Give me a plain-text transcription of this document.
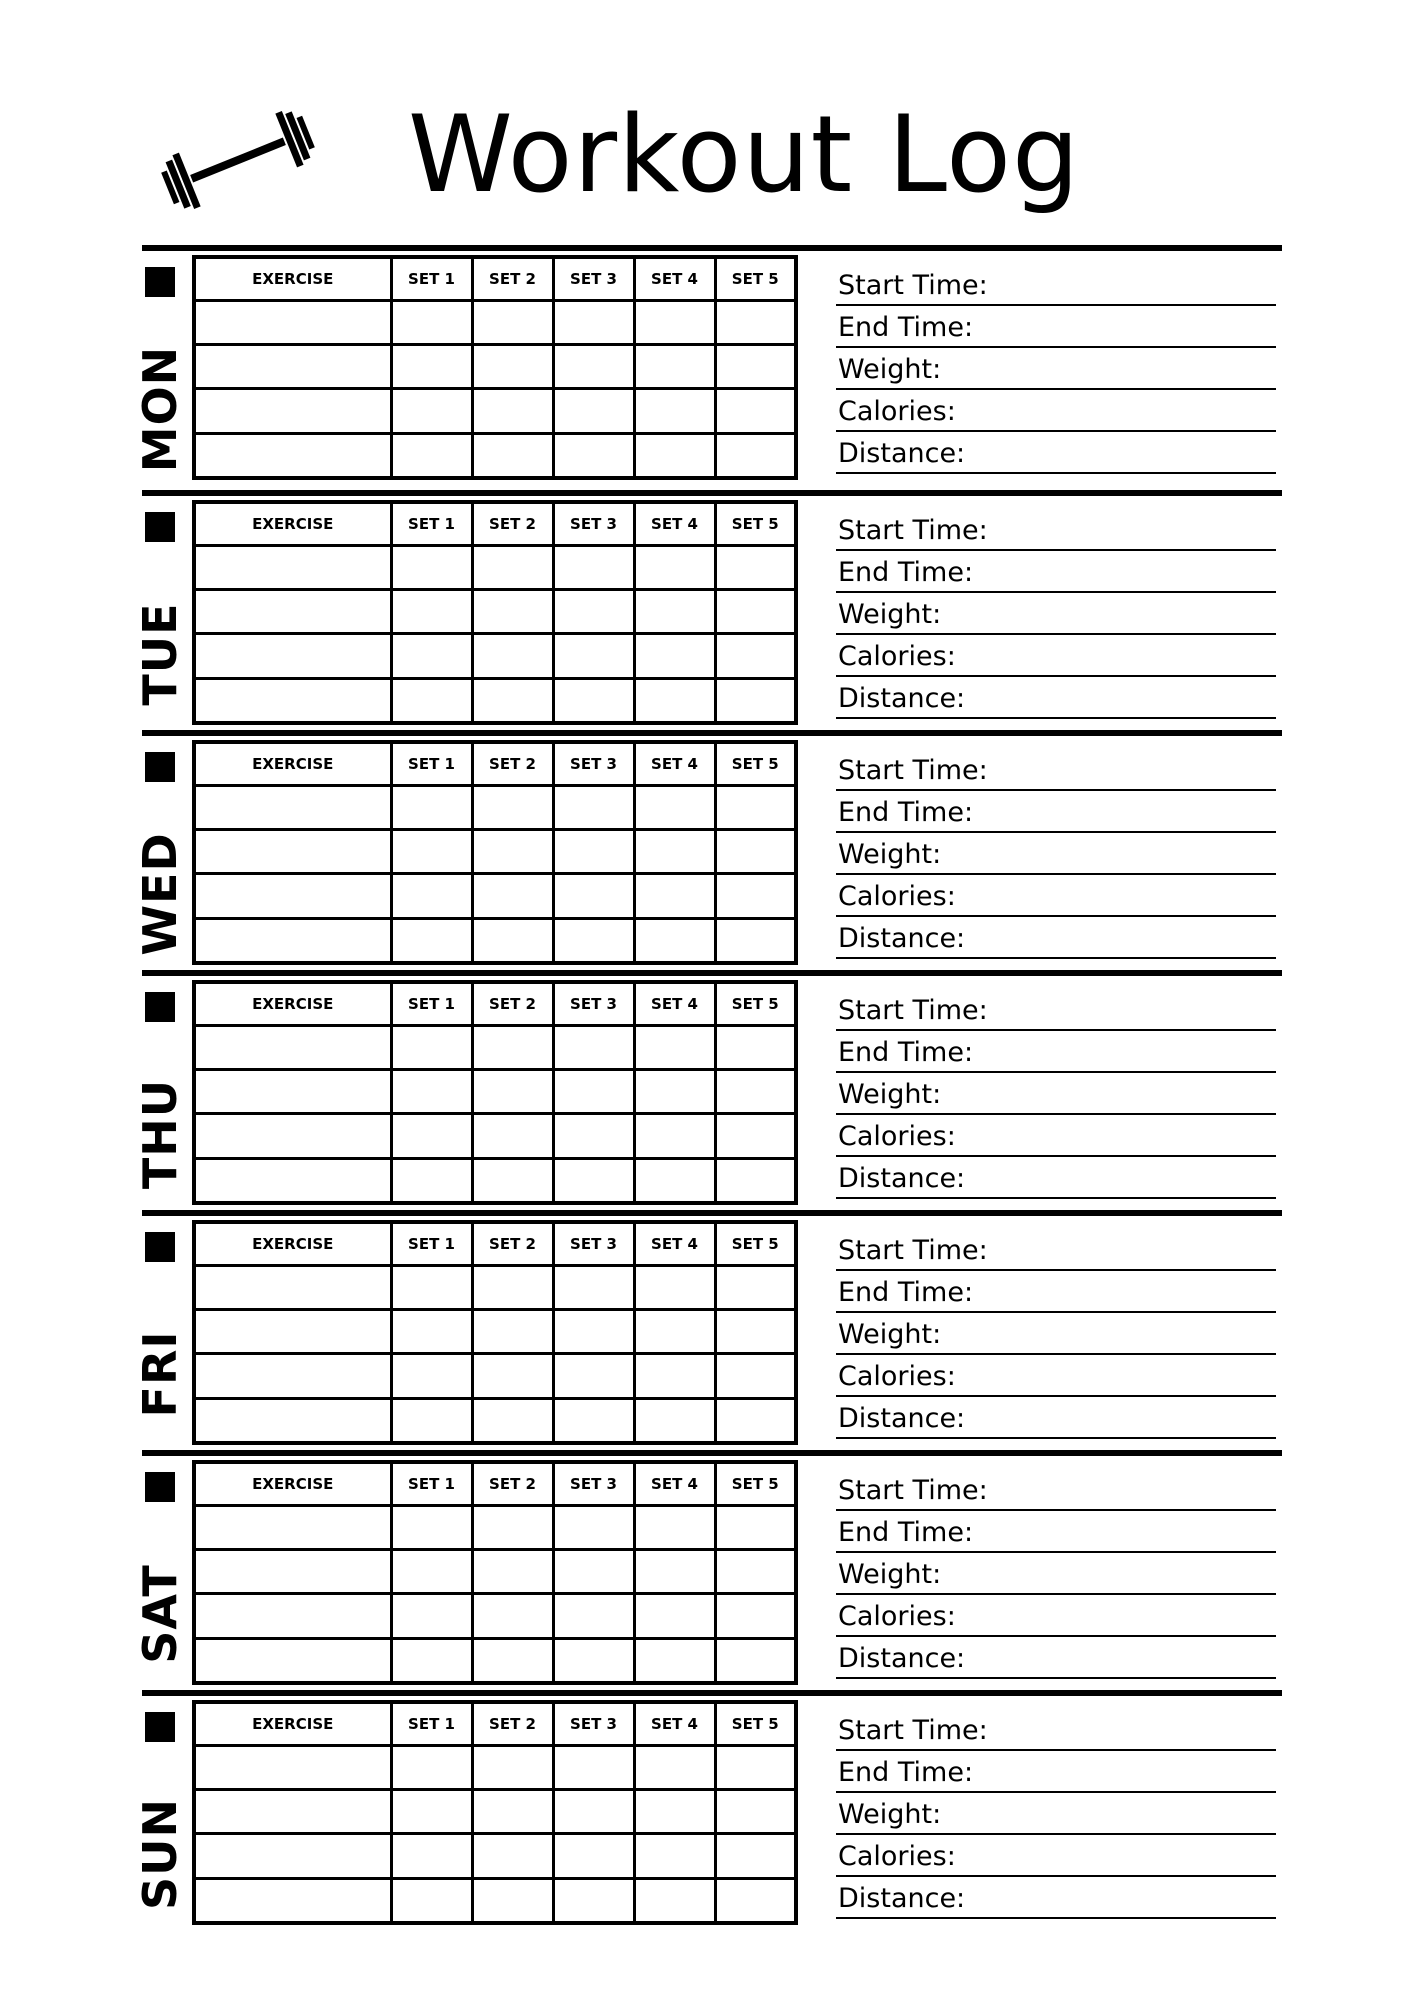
Workout Log
MON
EXERCISE	SET 1	SET 2	SET 3	SET 4	SET 5

					Start Time:
End Time:
Weight:
Calories:
Distance:
TUE
EXERCISE	SET 1	SET 2	SET 3	SET 4	SET 5

					Start Time:
End Time:
Weight:
Calories:
Distance:
WED
EXERCISE	SET 1	SET 2	SET 3	SET 4	SET 5

					Start Time:
End Time:
Weight:
Calories:
Distance:
THU
EXERCISE	SET 1	SET 2	SET 3	SET 4	SET 5

					Start Time:
End Time:
Weight:
Calories:
Distance:
FRI
EXERCISE	SET 1	SET 2	SET 3	SET 4	SET 5

					Start Time:
End Time:
Weight:
Calories:
Distance:
SAT
EXERCISE	SET 1	SET 2	SET 3	SET 4	SET 5

					Start Time:
End Time:
Weight:
Calories:
Distance:
SUN
EXERCISE	SET 1	SET 2	SET 3	SET 4	SET 5

					Start Time:
End Time:
Weight:
Calories:
Distance:
